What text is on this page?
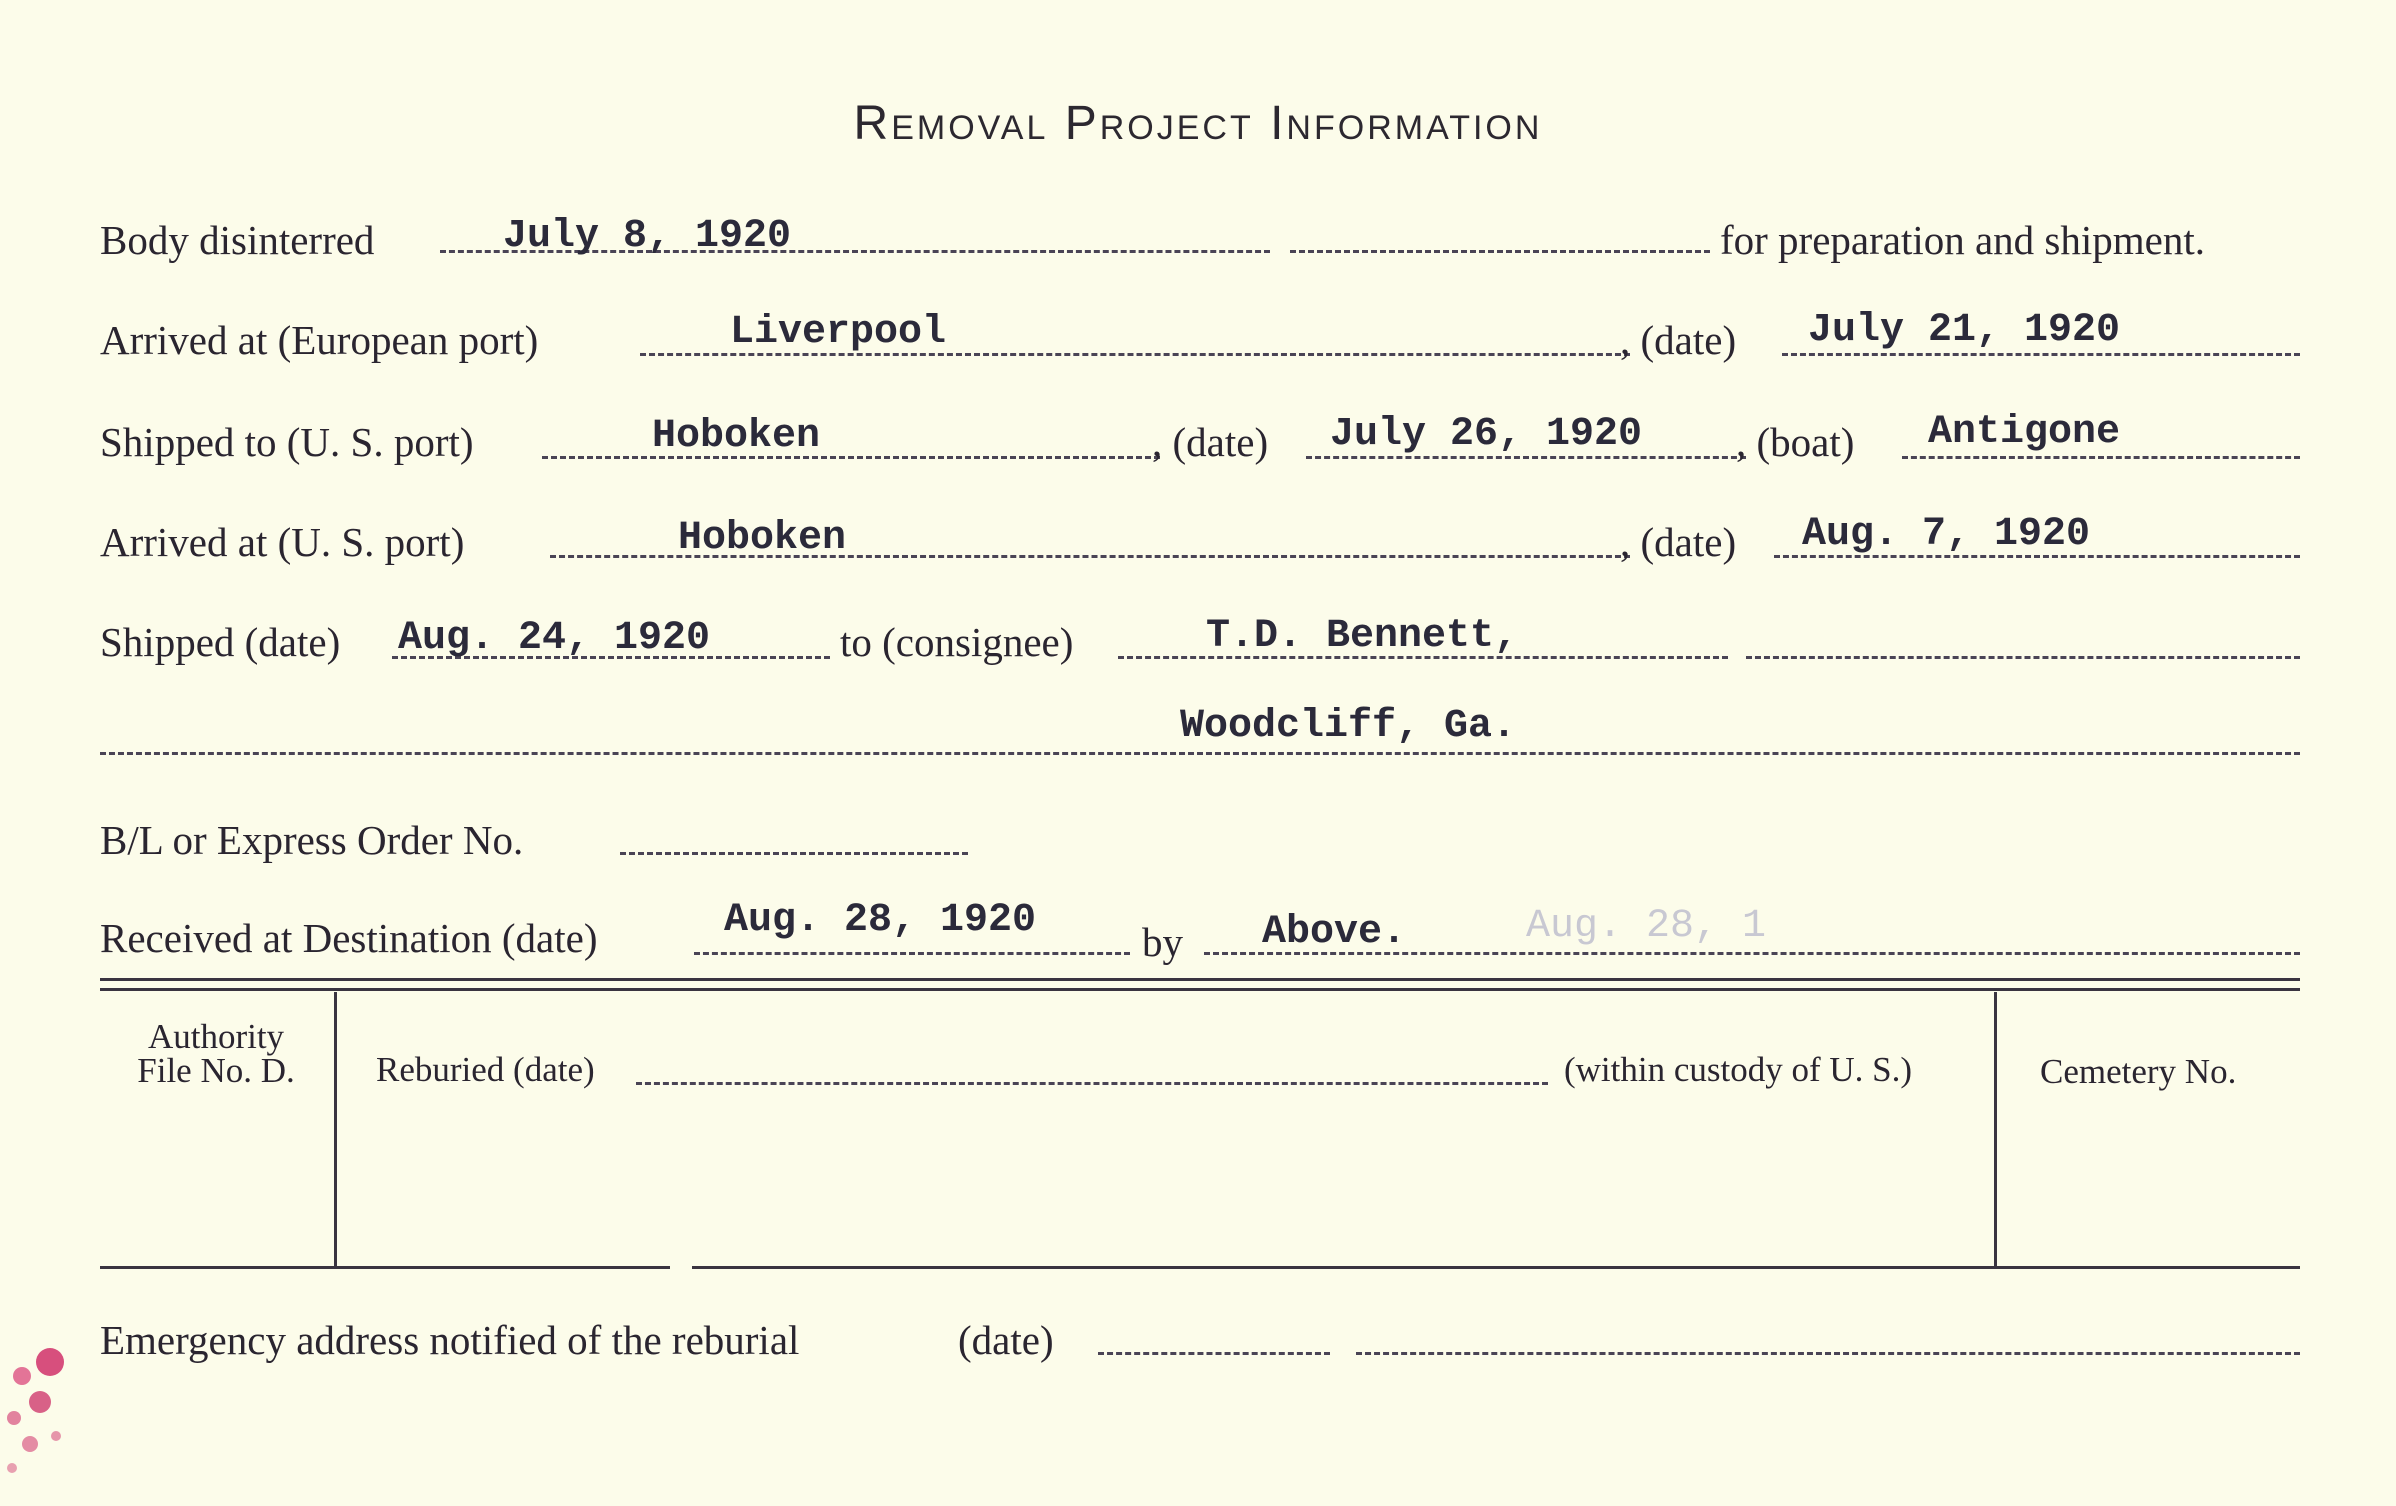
Removal Project Information
Body disinterred	July 8, 1920	for preparation and shipment.
Arrived at (European port)	Liverpool	, (date) July 21, 1920
Shipped to (U. S. port)	Hoboken	, (date) July 26, 1920 , (boat) Antigone
Arrived at (U. S. port)	Hoboken	, (date) Aug. 7, 1920
Shipped (date) Aug. 24, 1920	to (consignee)	T.D. Bennett,
Woodcliff, Ga.
B/L or Express Order No.
Received at Destination (date)	Aug. 28, 1920	by Above.	Aug. 28, 1
Authority
File No. D.	Reburied (date)	(within custody of U. S.)	Cemetery No.
Emergency address notified of the reburial	(date)
